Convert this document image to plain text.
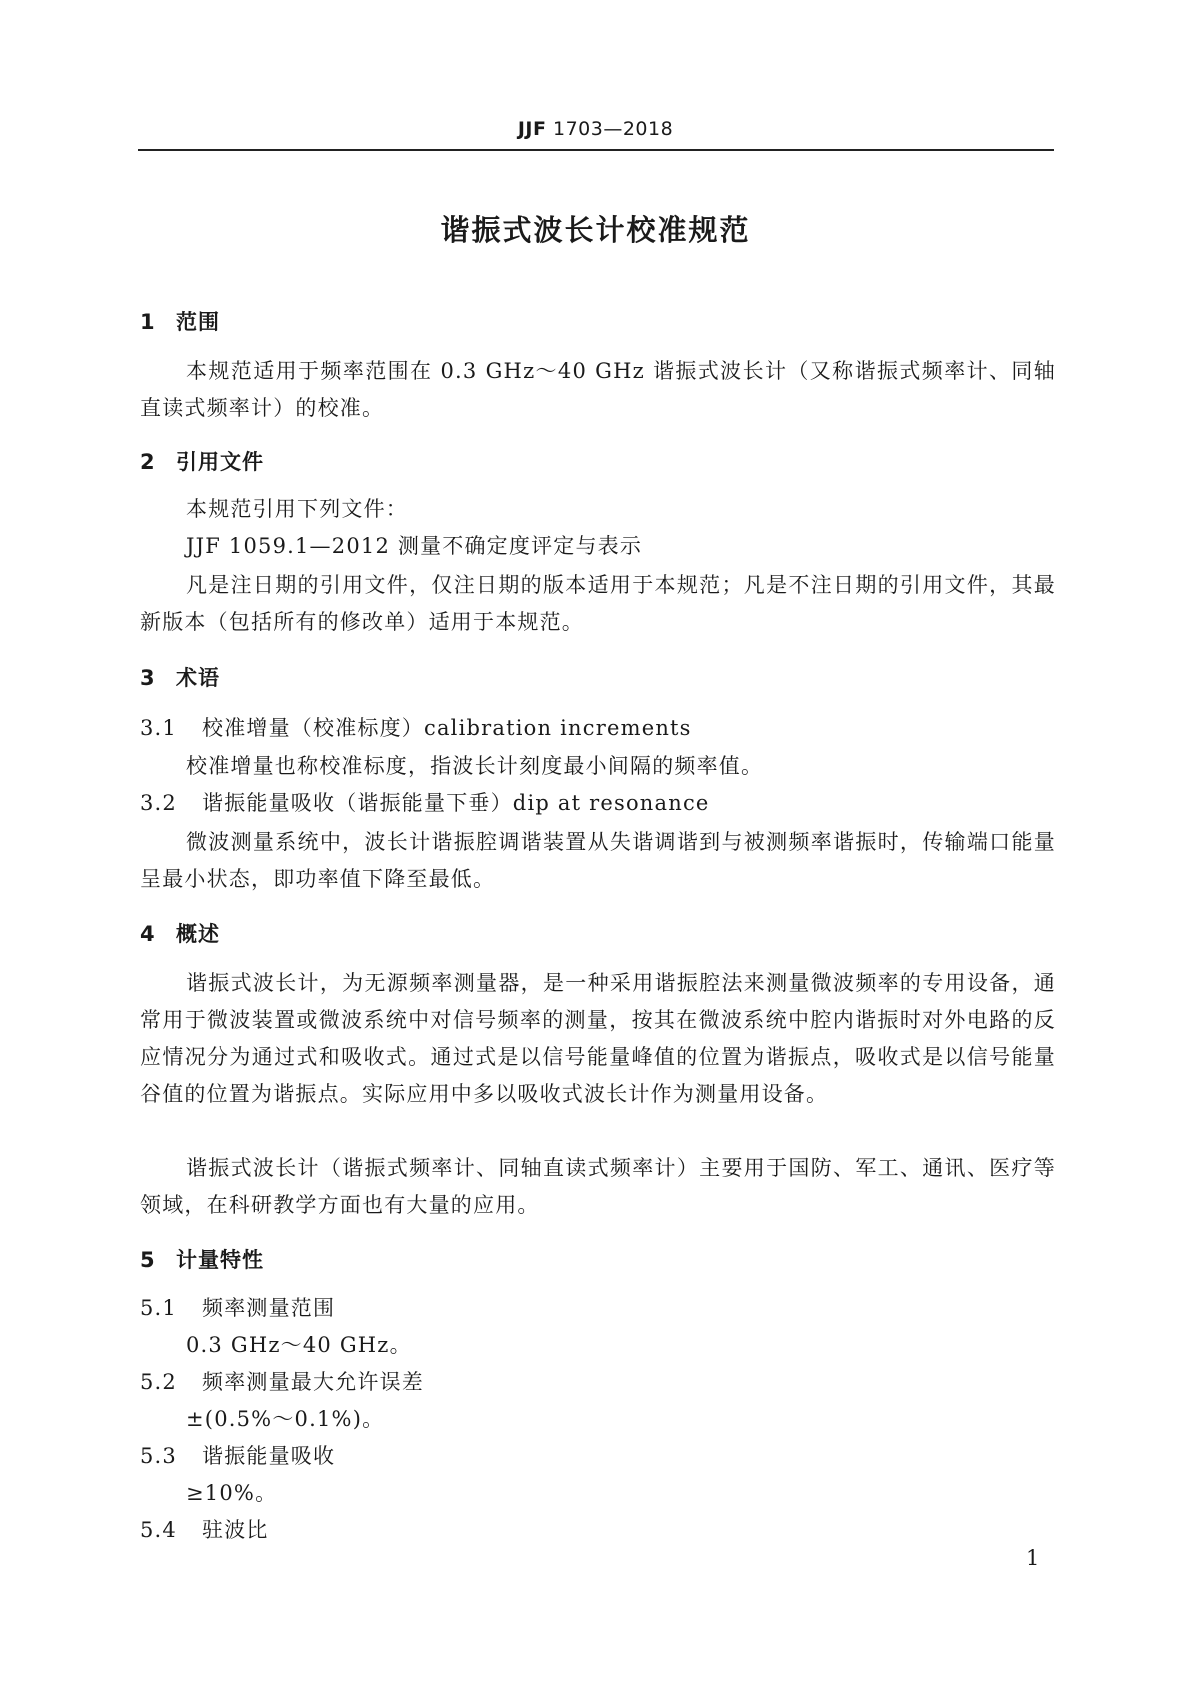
JJF 1703—2018
谐振式波长计校准规范
1 范围
本规范适用于频率范围在 0.3 GHz～40 GHz 谐振式波长计（又称谐振式频率计、同轴直读式频率计）的校准。
2 引用文件
本规范引用下列文件：
JJF 1059.1—2012 测量不确定度评定与表示
凡是注日期的引用文件，仅注日期的版本适用于本规范；凡是不注日期的引用文件，其最新版本（包括所有的修改单）适用于本规范。
3 术语
3.1 校准增量（校准标度）calibration increments
校准增量也称校准标度，指波长计刻度最小间隔的频率值。
3.2 谐振能量吸收（谐振能量下垂）dip at resonance
微波测量系统中，波长计谐振腔调谐装置从失谐调谐到与被测频率谐振时，传输端口能量呈最小状态，即功率值下降至最低。
4 概述
谐振式波长计，为无源频率测量器，是一种采用谐振腔法来测量微波频率的专用设备，通常用于微波装置或微波系统中对信号频率的测量，按其在微波系统中腔内谐振时对外电路的反应情况分为通过式和吸收式。通过式是以信号能量峰值的位置为谐振点，吸收式是以信号能量谷值的位置为谐振点。实际应用中多以吸收式波长计作为测量用设备。
谐振式波长计（谐振式频率计、同轴直读式频率计）主要用于国防、军工、通讯、医疗等领域，在科研教学方面也有大量的应用。
5 计量特性
5.1 频率测量范围
0.3 GHz～40 GHz。
5.2 频率测量最大允许误差
±(0.5%～0.1%)。
5.3 谐振能量吸收
≥10%。
5.4 驻波比
1
